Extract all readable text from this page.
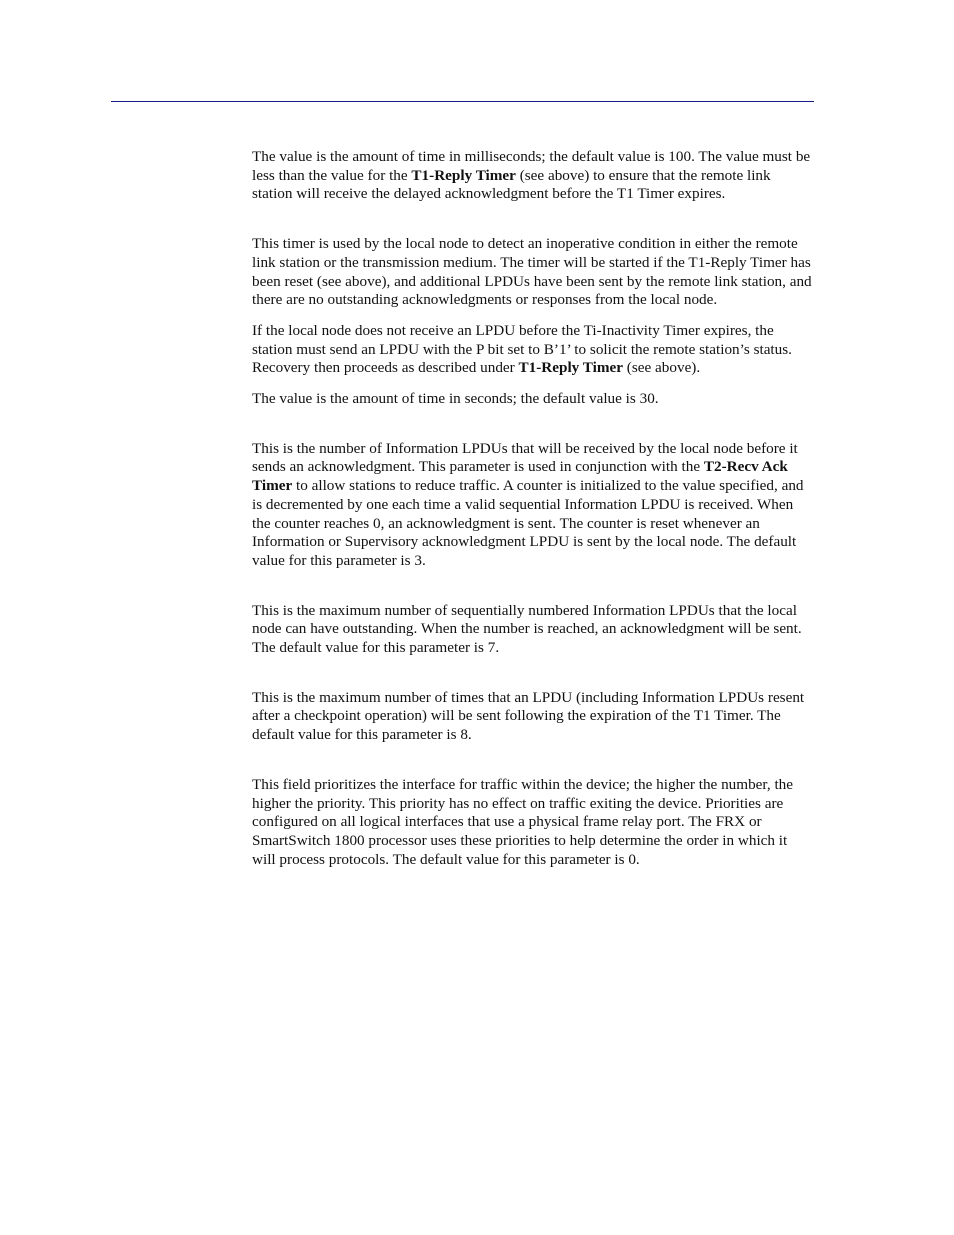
The value is the amount of time in milliseconds; the default value is 100. The value must be less than the value for the T1-Reply Timer (see above) to ensure that the remote link station will receive the delayed acknowledgment before the T1 Timer expires.

This timer is used by the local node to detect an inoperative condition in either the remote link station or the transmission medium. The timer will be started if the T1-Reply Timer has been reset (see above), and additional LPDUs have been sent by the remote link station, and there are no outstanding acknowledgments or responses from the local node.

If the local node does not receive an LPDU before the Ti-Inactivity Timer expires, the station must send an LPDU with the P bit set to B’1’ to solicit the remote station’s status. Recovery then proceeds as described under T1-Reply Timer (see above).

The value is the amount of time in seconds; the default value is 30.

This is the number of Information LPDUs that will be received by the local node before it sends an acknowledgment. This parameter is used in conjunction with the T2-Recv Ack Timer to allow stations to reduce traffic. A counter is initialized to the value specified, and is decremented by one each time a valid sequential Information LPDU is received. When the counter reaches 0, an acknowledgment is sent. The counter is reset whenever an Information or Supervisory acknowledgment LPDU is sent by the local node. The default value for this parameter is 3.

This is the maximum number of sequentially numbered Information LPDUs that the local node can have outstanding. When the number is reached, an acknowledgment will be sent. The default value for this parameter is 7.

This is the maximum number of times that an LPDU (including Information LPDUs resent after a checkpoint operation) will be sent following the expiration of the T1 Timer. The default value for this parameter is 8.

This field prioritizes the interface for traffic within the device; the higher the number, the higher the priority. This priority has no effect on traffic exiting the device. Priorities are configured on all logical interfaces that use a physical frame relay port. The FRX or SmartSwitch 1800 processor uses these priorities to help determine the order in which it will process protocols. The default value for this parameter is 0.
